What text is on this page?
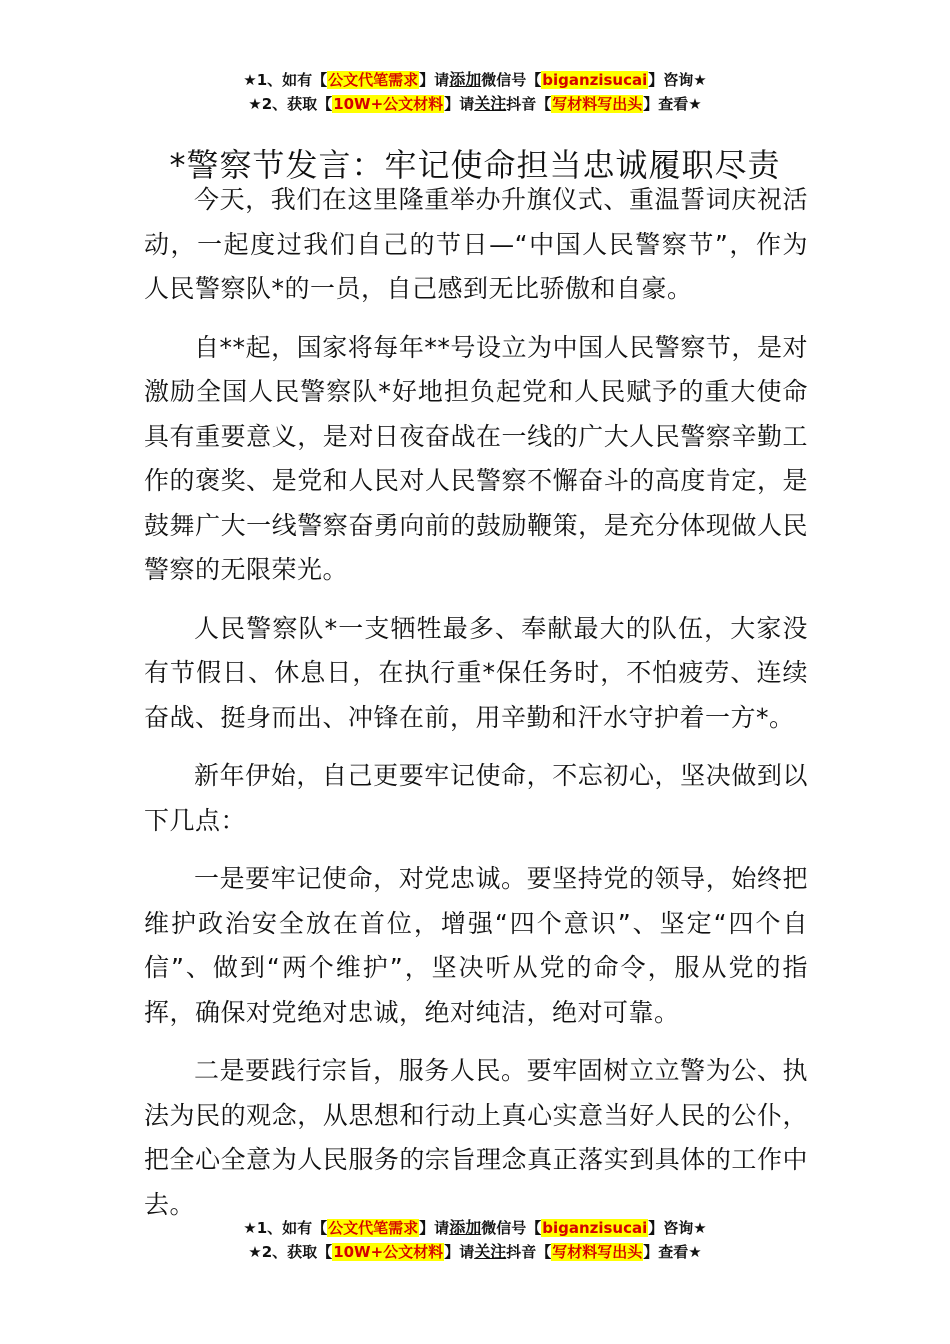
★1、如有【公文代笔需求】请添加微信号【biganzisucai】咨询★
★2、获取【10W+公文材料】请关注抖音【写材料写出头】查看★
*警察节发言：牢记使命担当忠诚履职尽责

今天，我们在这里隆重举办升旗仪式、重温誓词庆祝活动，一起度过我们自己的节日—“中国人民警察节”，作为人民警察队*的一员，自己感到无比骄傲和自豪。

自**起，国家将每年**号设立为中国人民警察节，是对激励全国人民警察队*好地担负起党和人民赋予的重大使命具有重要意义，是对日夜奋战在一线的广大人民警察辛勤工作的褒奖、是党和人民对人民警察不懈奋斗的高度肯定，是鼓舞广大一线警察奋勇向前的鼓励鞭策，是充分体现做人民警察的无限荣光。

人民警察队*一支牺牲最多、奉献最大的队伍，大家没有节假日、休息日，在执行重*保任务时，不怕疲劳、连续奋战、挺身而出、冲锋在前，用辛勤和汗水守护着一方*。

新年伊始，自己更要牢记使命，不忘初心，坚决做到以下几点：

一是要牢记使命，对党忠诚。要坚持党的领导，始终把维护政治安全放在首位，增强“四个意识”、坚定“四个自信”、做到“两个维护”，坚决听从党的命令，服从党的指挥，确保对党绝对忠诚，绝对纯洁，绝对可靠。

二是要践行宗旨，服务人民。要牢固树立立警为公、执法为民的观念，从思想和行动上真心实意当好人民的公仆，把全心全意为人民服务的宗旨理念真正落实到具体的工作中去。

★1、如有【公文代笔需求】请添加微信号【biganzisucai】咨询★
★2、获取【10W+公文材料】请关注抖音【写材料写出头】查看★
